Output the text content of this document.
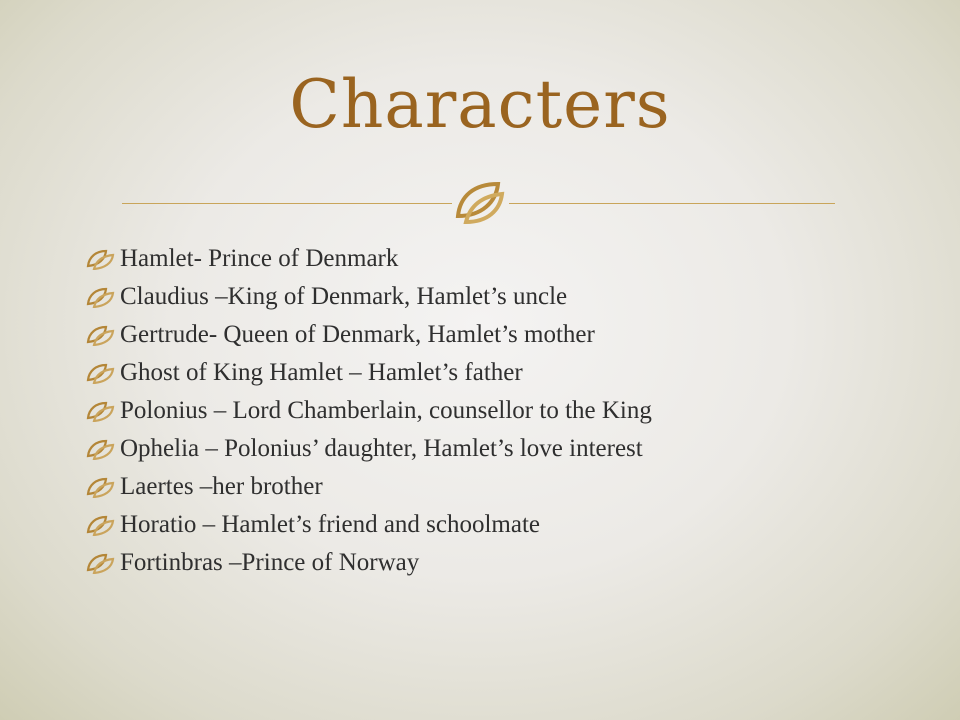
Characters
Hamlet- Prince of Denmark
Claudius –King of Denmark, Hamlet’s uncle
Gertrude- Queen of Denmark, Hamlet’s mother
Ghost of King Hamlet – Hamlet’s father
Polonius – Lord Chamberlain, counsellor to the King
Ophelia – Polonius’ daughter, Hamlet’s love interest
Laertes –her brother
Horatio – Hamlet’s friend and schoolmate
Fortinbras –Prince of Norway
